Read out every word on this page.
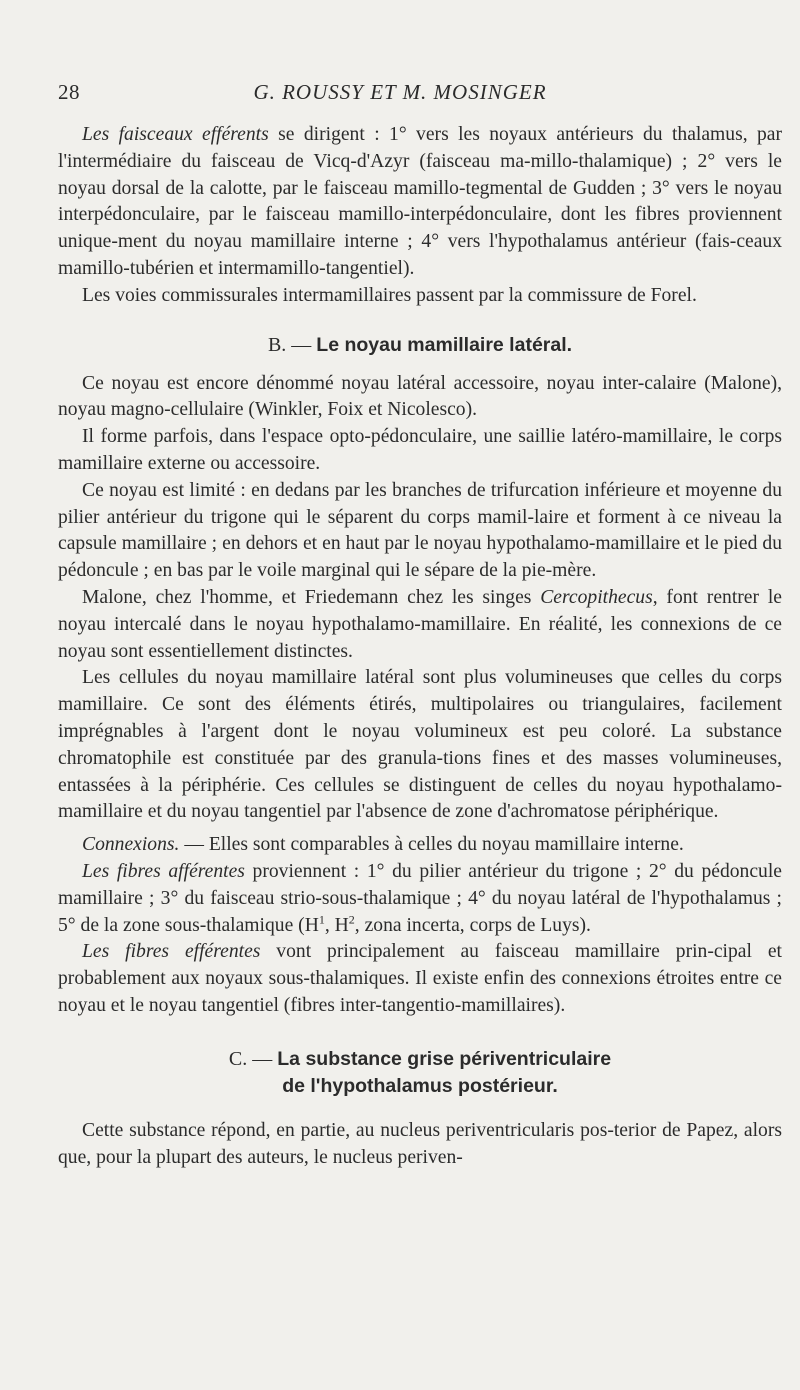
28	G. ROUSSY ET M. MOSINGER

Les faisceaux efférents se dirigent : 1° vers les noyaux antérieurs du thalamus, par l'intermédiaire du faisceau de Vicq-d'Azyr (faisceau ma-millo-thalamique) ; 2° vers le noyau dorsal de la calotte, par le faisceau mamillo-tegmental de Gudden ; 3° vers le noyau interpédonculaire, par le faisceau mamillo-interpédonculaire, dont les fibres proviennent unique-ment du noyau mamillaire interne ; 4° vers l'hypothalamus antérieur (fais-ceaux mamillo-tubérien et intermamillo-tangentiel).

Les voies commissurales intermamillaires passent par la commissure de Forel.

B. — Le noyau mamillaire latéral.

Ce noyau est encore dénommé noyau latéral accessoire, noyau inter-calaire (Malone), noyau magno-cellulaire (Winkler, Foix et Nicolesco).

Il forme parfois, dans l'espace opto-pédonculaire, une saillie latéro-mamillaire, le corps mamillaire externe ou accessoire.

Ce noyau est limité : en dedans par les branches de trifurcation inférieure et moyenne du pilier antérieur du trigone qui le séparent du corps mamil-laire et forment à ce niveau la capsule mamillaire ; en dehors et en haut par le noyau hypothalamo-mamillaire et le pied du pédoncule ; en bas par le voile marginal qui le sépare de la pie-mère.

Malone, chez l'homme, et Friedemann chez les singes Cercopithecus, font rentrer le noyau intercalé dans le noyau hypothalamo-mamillaire. En réalité, les connexions de ce noyau sont essentiellement distinctes.

Les cellules du noyau mamillaire latéral sont plus volumineuses que celles du corps mamillaire. Ce sont des éléments étirés, multipolaires ou triangulaires, facilement imprégnables à l'argent dont le noyau volumineux est peu coloré. La substance chromatophile est constituée par des granula-tions fines et des masses volumineuses, entassées à la périphérie. Ces cellules se distinguent de celles du noyau hypothalamo-mamillaire et du noyau tangentiel par l'absence de zone d'achromatose périphérique.

Connexions. — Elles sont comparables à celles du noyau mamillaire interne.

Les fibres afférentes proviennent : 1° du pilier antérieur du trigone ; 2° du pédoncule mamillaire ; 3° du faisceau strio-sous-thalamique ; 4° du noyau latéral de l'hypothalamus ; 5° de la zone sous-thalamique ($H^1$, $H^2$, zona incerta, corps de Luys).

Les fibres efférentes vont principalement au faisceau mamillaire prin-cipal et probablement aux noyaux sous-thalamiques. Il existe enfin des connexions étroites entre ce noyau et le noyau tangentiel (fibres inter-tangentio-mamillaires).

C. — La substance grise périventriculaire
de l'hypothalamus postérieur.

Cette substance répond, en partie, au nucleus periventricularis pos-terior de Papez, alors que, pour la plupart des auteurs, le nucleus periven-
